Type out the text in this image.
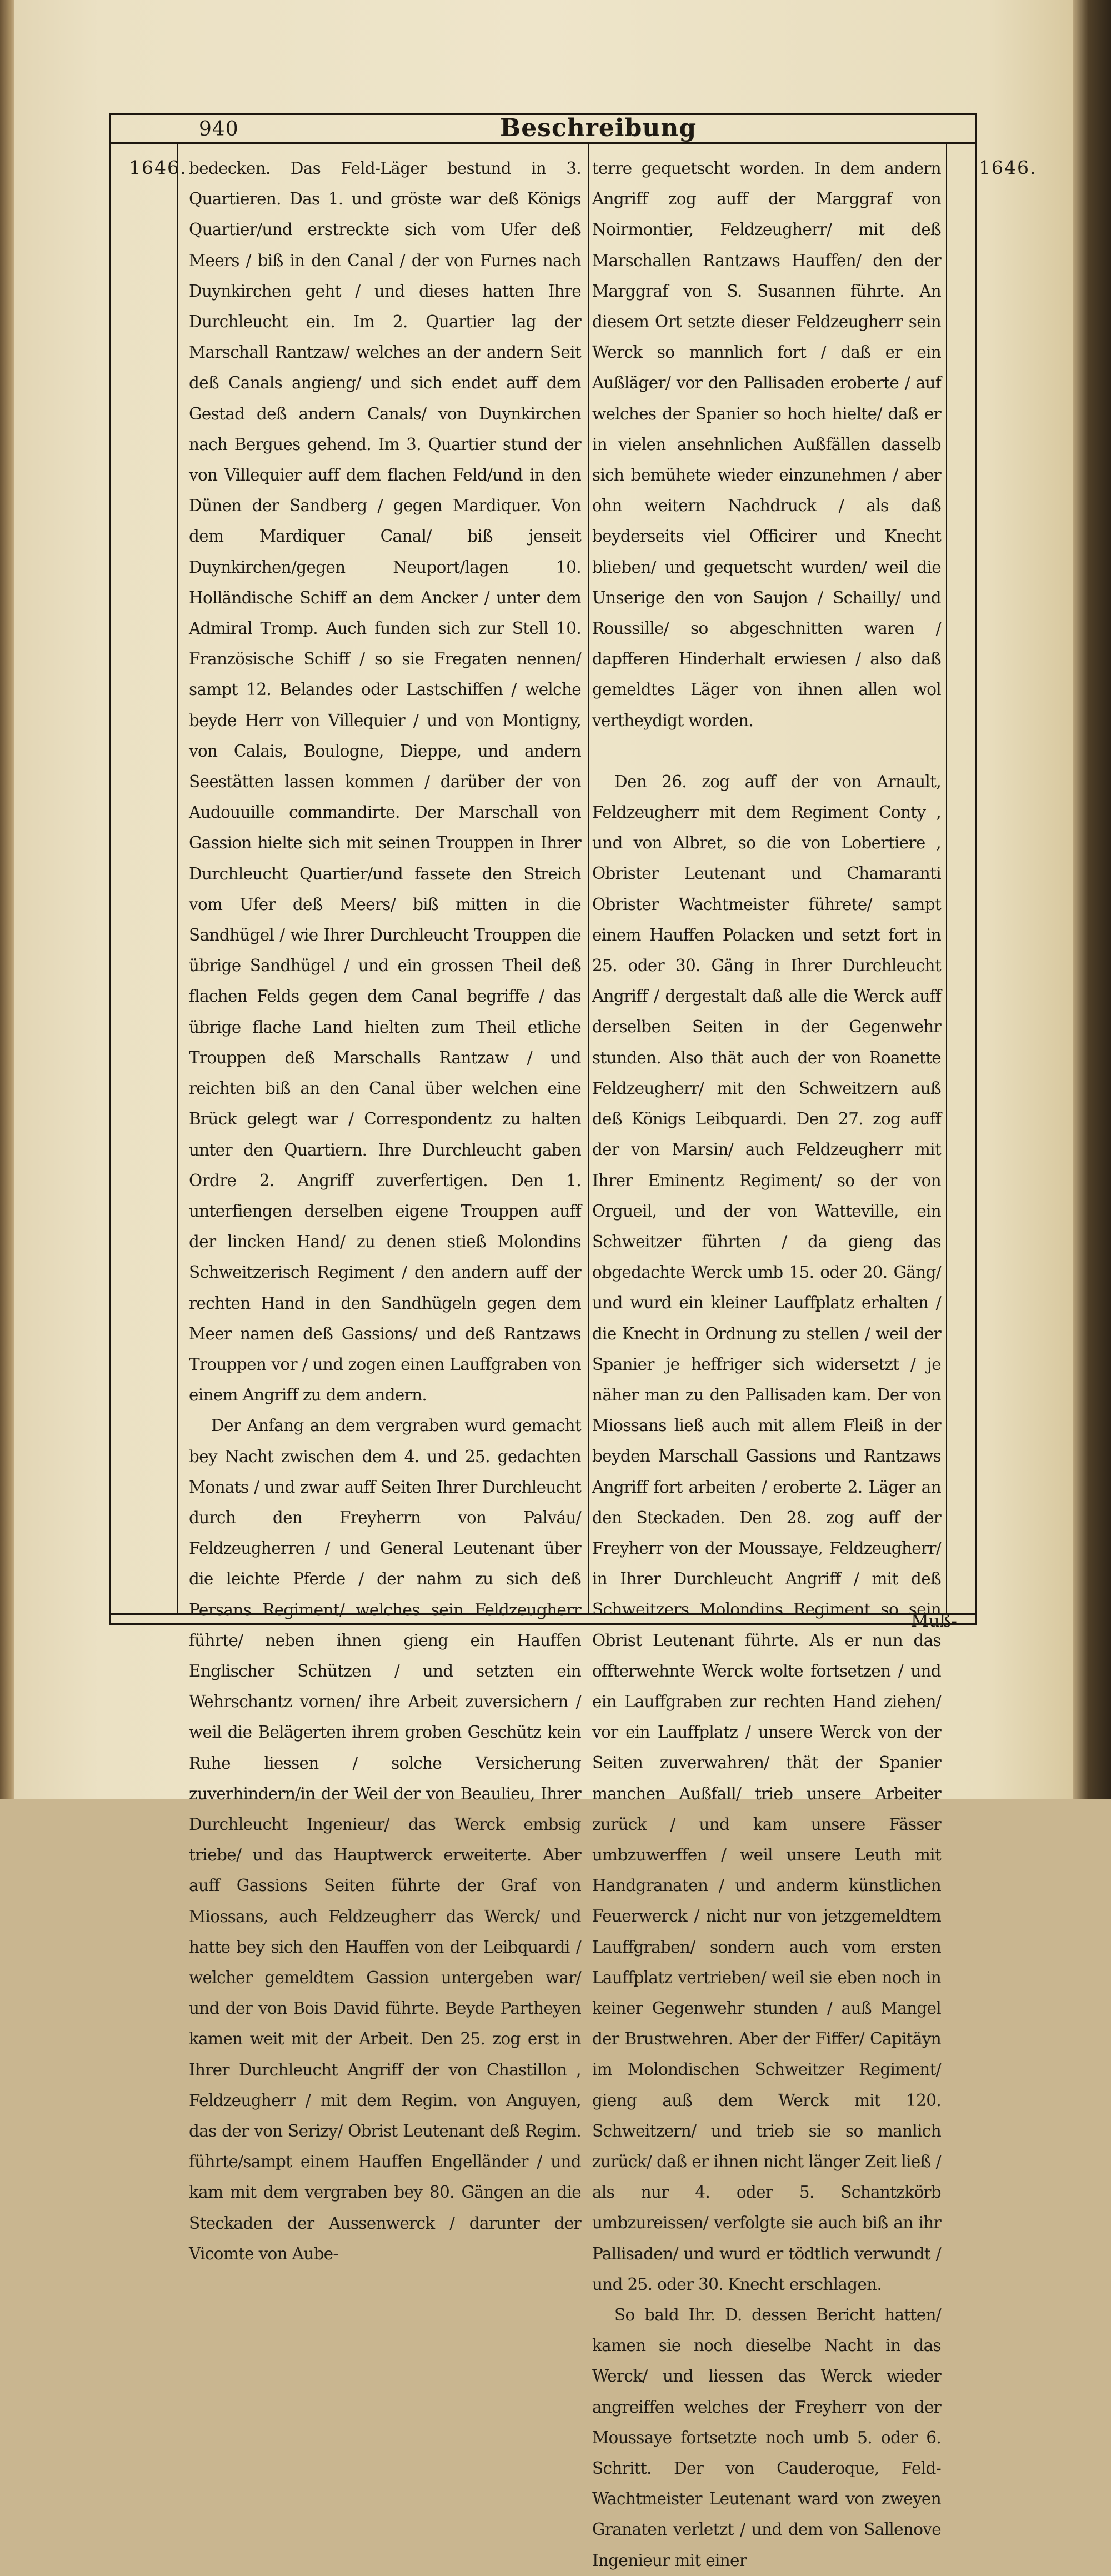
940	Beschreibung
1646.	1646.

bedecken. Das Feld-Läger bestund in 3. Quartieren. Das 1. und gröste war deß Königs Quartier/und erstreckte sich vom Ufer deß Meers / biß in den Canal / der von Furnes nach Duynkirchen geht / und dieses hatten Ihre Durchleucht ein. Im 2. Quartier lag der Marschall Rantzaw/ welches an der andern Seit deß Canals angieng/ und sich endet auff dem Gestad deß andern Canals/ von Duynkirchen nach Bergues gehend. Im 3. Quartier stund der von Villequier auff dem flachen Feld/und in den Dünen der Sandberg / gegen Mardiquer. Von dem Mardiquer Canal/ biß jenseit Duynkirchen/gegen Neuport/lagen 10. Holländische Schiff an dem Ancker / unter dem Admiral Tromp. Auch funden sich zur Stell 10. Französische Schiff / so sie Fregaten nennen/ sampt 12. Belandes oder Lastschiffen / welche beyde Herr von Villequier / und von Montigny, von Calais, Boulogne, Dieppe, und andern Seestätten lassen kommen / darüber der von Audouuille commandirte. Der Marschall von Gassion hielte sich mit seinen Trouppen in Ihrer Durchleucht Quartier/und fassete den Streich vom Ufer deß Meers/ biß mitten in die Sandhügel / wie Ihrer Durchleucht Trouppen die übrige Sandhügel / und ein grossen Theil deß flachen Felds gegen dem Canal begriffe / das übrige flache Land hielten zum Theil etliche Trouppen deß Marschalls Rantzaw / und reichten biß an den Canal über welchen eine Brück gelegt war / Correspondentz zu halten unter den Quartiern. Ihre Durchleucht gaben Ordre 2. Angriff zuverfertigen. Den 1. unterfiengen derselben eigene Trouppen auff der lincken Hand/ zu denen stieß Molondins Schweitzerisch Regiment / den andern auff der rechten Hand in den Sandhügeln gegen dem Meer namen deß Gassions/ und deß Rantzaws Trouppen vor / und zogen einen Lauffgraben von einem Angriff zu dem andern.

Der Anfang an dem vergraben wurd gemacht bey Nacht zwischen dem 4. und 25. gedachten Monats / und zwar auff Seiten Ihrer Durchleucht durch den Freyherrn von Palváu/ Feldzeugherren / und General Leutenant über die leichte Pferde / der nahm zu sich deß Persans Regiment/ welches sein Feldzeugherr führte/ neben ihnen gieng ein Hauffen Englischer Schützen / und setzten ein Wehrschantz vornen/ ihre Arbeit zuversichern / weil die Belägerten ihrem groben Geschütz kein Ruhe liessen / solche Versicherung zuverhindern/in der Weil der von Beaulieu, Ihrer Durchleucht Ingenieur/ das Werck embsig triebe/ und das Hauptwerck erweiterte. Aber auff Gassions Seiten führte der Graf von Miossans, auch Feldzeugherr das Werck/ und hatte bey sich den Hauffen von der Leibquardi / welcher gemeldtem Gassion untergeben war/ und der von Bois David führte. Beyde Partheyen kamen weit mit der Arbeit. Den 25. zog erst in Ihrer Durchleucht Angriff der von Chastillon , Feldzeugherr / mit dem Regim. von Anguyen, das der von Serizy/ Obrist Leutenant deß Regim. führte/sampt einem Hauffen Engelländer / und kam mit dem vergraben bey 80. Gängen an die Steckaden der Aussenwerck / darunter der Vicomte von Aube-

terre gequetscht worden. In dem andern Angriff zog auff der Marggraf von Noirmontier, Feldzeugherr/ mit deß Marschallen Rantzaws Hauffen/ den der Marggraf von S. Susannen führte. An diesem Ort setzte dieser Feldzeugherr sein Werck so mannlich fort / daß er ein Außläger/ vor den Pallisaden eroberte / auf welches der Spanier so hoch hielte/ daß er in vielen ansehnlichen Außfällen dasselb sich bemühete wieder einzunehmen / aber ohn weitern Nachdruck / als daß beyderseits viel Officirer und Knecht blieben/ und gequetscht wurden/ weil die Unserige den von Saujon / Schailly/ und Roussille/ so abgeschnitten waren / dapfferen Hinderhalt erwiesen / also daß gemeldtes Läger von ihnen allen wol vertheydigt worden.

Den 26. zog auff der von Arnault, Feldzeugherr mit dem Regiment Conty , und von Albret, so die von Lobertiere , Obrister Leutenant und Chamaranti Obrister Wachtmeister führete/ sampt einem Hauffen Polacken und setzt fort in 25. oder 30. Gäng in Ihrer Durchleucht Angriff / dergestalt daß alle die Werck auff derselben Seiten in der Gegenwehr stunden. Also thät auch der von Roanette Feldzeugherr/ mit den Schweitzern auß deß Königs Leibquardi. Den 27. zog auff der von Marsin/ auch Feldzeugherr mit Ihrer Eminentz Regiment/ so der von Orgueil, und der von Watteville, ein Schweitzer führten / da gieng das obgedachte Werck umb 15. oder 20. Gäng/ und wurd ein kleiner Lauffplatz erhalten / die Knecht in Ordnung zu stellen / weil der Spanier je heffriger sich widersetzt / je näher man zu den Pallisaden kam. Der von Miossans ließ auch mit allem Fleiß in der beyden Marschall Gassions und Rantzaws Angriff fort arbeiten / eroberte 2. Läger an den Steckaden. Den 28. zog auff der Freyherr von der Moussaye, Feldzeugherr/ in Ihrer Durchleucht Angriff / mit deß Schweitzers Molondins Regiment so sein Obrist Leutenant führte. Als er nun das offterwehnte Werck wolte fortsetzen / und ein Lauffgraben zur rechten Hand ziehen/ vor ein Lauffplatz / unsere Werck von der Seiten zuverwahren/ thät der Spanier manchen Außfall/ trieb unsere Arbeiter zurück / und kam unsere Fässer umbzuwerffen / weil unsere Leuth mit Handgranaten / und anderm künstlichen Feuerwerck / nicht nur von jetzgemeldtem Lauffgraben/ sondern auch vom ersten Lauffplatz vertrieben/ weil sie eben noch in keiner Gegenwehr stunden / auß Mangel der Brustwehren. Aber der Fiffer/ Capitäyn im Molondischen Schweitzer Regiment/ gieng auß dem Werck mit 120. Schweitzern/ und trieb sie so manlich zurück/ daß er ihnen nicht länger Zeit ließ / als nur 4. oder 5. Schantzkörb umbzureissen/ verfolgte sie auch biß an ihr Pallisaden/ und wurd er tödtlich verwundt / und 25. oder 30. Knecht erschlagen.

So bald Ihr. D. dessen Bericht hatten/ kamen sie noch dieselbe Nacht in das Werck/ und liessen das Werck wieder angreiffen welches der Freyherr von der Moussaye fortsetzte noch umb 5. oder 6. Schritt. Der von Cauderoque, Feld-Wachtmeister Leutenant ward von zweyen Granaten verletzt / und dem von Sallenove Ingenieur mit einer

Muß-
